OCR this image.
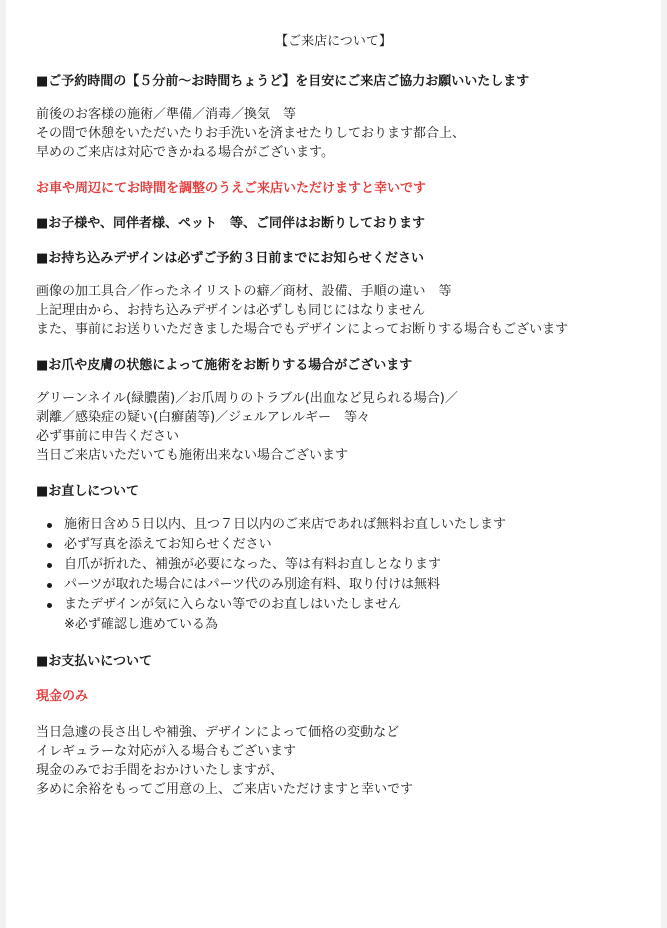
【ご来店について】
■ご予約時間の【５分前〜お時間ちょうど】を目安にご来店ご協力お願いいたします
前後のお客様の施術／準備／消毒／換気　等
その間で休憩をいただいたりお手洗いを済ませたりしております都合上、
早めのご来店は対応できかねる場合がございます。
お車や周辺にてお時間を調整のうえご来店いただけますと幸いです
■お子様や、同伴者様、ペット　等、ご同伴はお断りしております
■お持ち込みデザインは必ずご予約３日前までにお知らせください
画像の加工具合／作ったネイリストの癖／商材、設備、手順の違い　等
上記理由から、お持ち込みデザインは必ずしも同じにはなりません
また、事前にお送りいただきました場合でもデザインによってお断りする場合もございます
■お爪や皮膚の状態によって施術をお断りする場合がございます
グリーンネイル(緑膿菌)／お爪周りのトラブル(出血など見られる場合)／
剥離／感染症の疑い(白癬菌等)／ジェルアレルギー　等々
必ず事前に申告ください
当日ご来店いただいても施術出来ない場合ございます
■お直しについて
施術日含め５日以内、且つ７日以内のご来店であれば無料お直しいたします
必ず写真を添えてお知らせください
自爪が折れた、補強が必要になった、等は有料お直しとなります
パーツが取れた場合にはパーツ代のみ別途有料、取り付けは無料
またデザインが気に入らない等でのお直しはいたしません
※必ず確認し進めている為
■お支払いについて
現金のみ
当日急遽の長さ出しや補強、デザインによって価格の変動など
イレギュラーな対応が入る場合もございます
現金のみでお手間をおかけいたしますが、
多めに余裕をもってご用意の上、ご来店いただけますと幸いです
